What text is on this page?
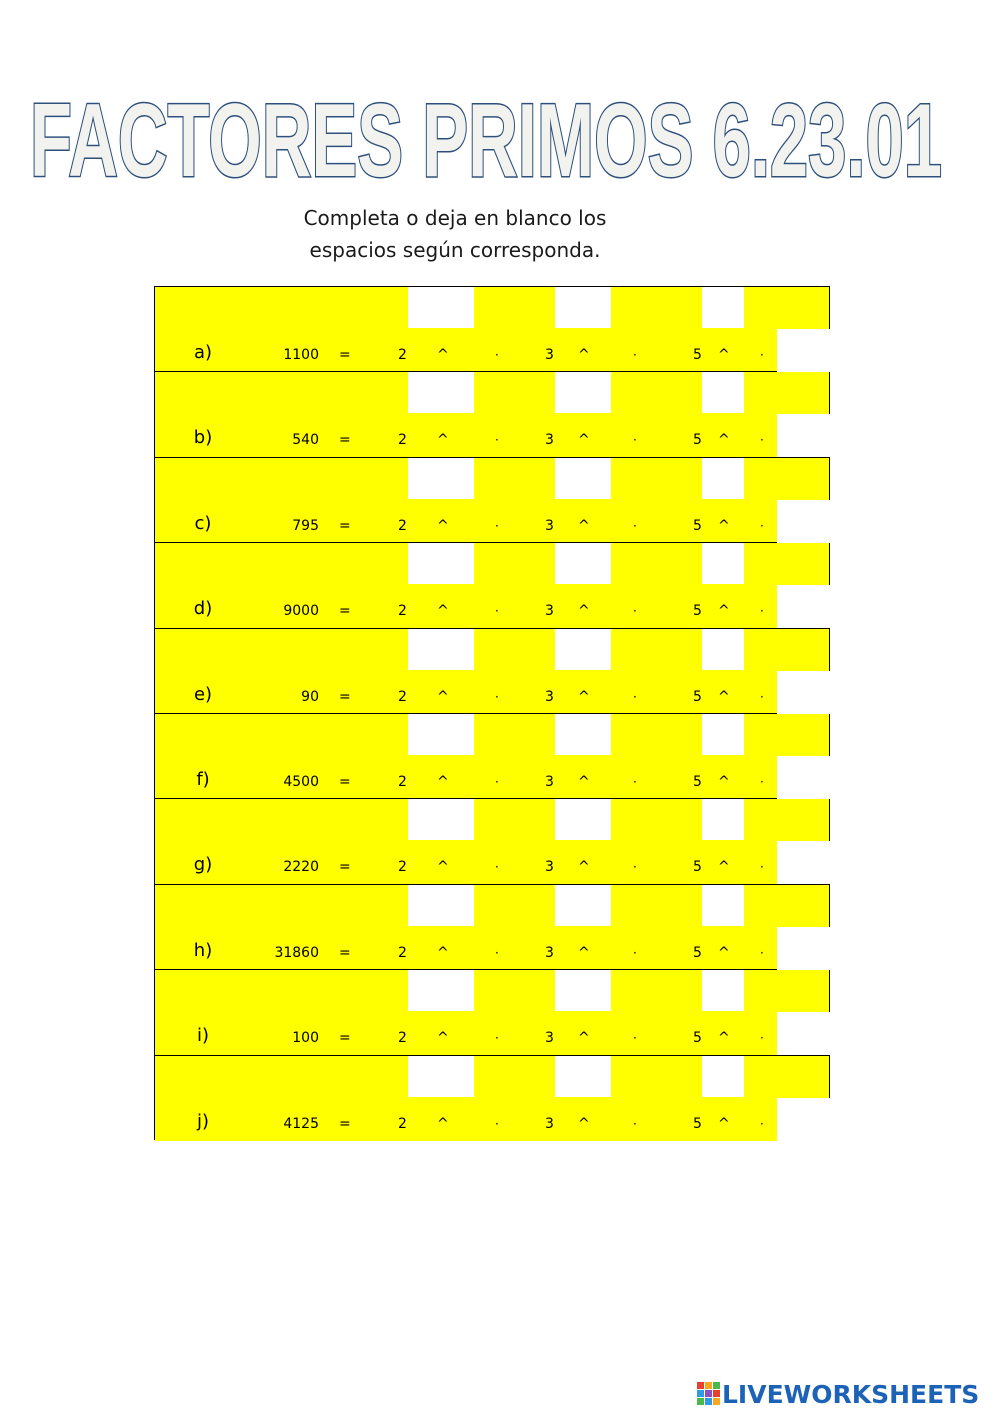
FACTORES PRIMOS 6.23.01
Completa o deja en blanco los
espacios según corresponda.
a)	1100 =	2 ^	·	3 ^	·	5 ^	·
b)	540 =	2 ^	·	3 ^	·	5 ^	·
c)	795 =	2 ^	·	3 ^	·	5 ^	·
d)	9000 =	2 ^	·	3 ^	·	5 ^	·
e)	90 =	2 ^	·	3 ^	·	5 ^	·
f)	4500 =	2 ^	·	3 ^	·	5 ^	·
g)	2220 =	2 ^	·	3 ^	·	5 ^	·
h)	31860 =	2 ^	·	3 ^	·	5 ^	·
i)	100 =	2 ^	·	3 ^	·	5 ^	·
j)	4125 =	2 ^	·	3 ^	·	5 ^	·
LIVEWORKSHEETS
